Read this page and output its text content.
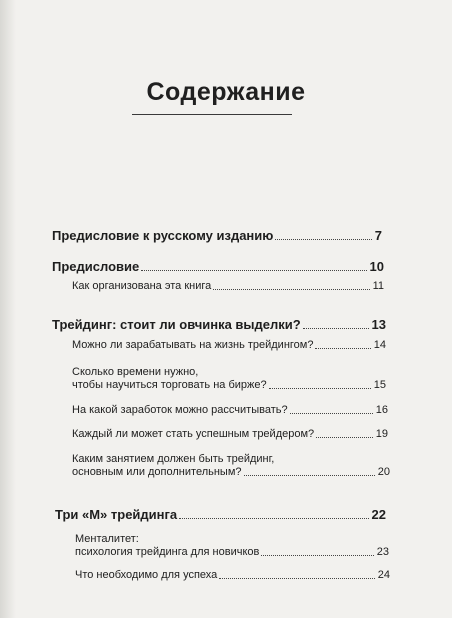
Содержание
Предисловие к русскому изданию	7
Предисловие	10
Как организована эта книга	11
Трейдинг: стоит ли овчинка выделки?	13
Можно ли зарабатывать на жизнь трейдингом?	14
Сколько времени нужно,
чтобы научиться торговать на бирже?	15
На какой заработок можно рассчитывать?	16
Каждый ли может стать успешным трейдером?	19
Каким занятием должен быть трейдинг,
основным или дополнительным?	20
Три «М» трейдинга	22
Менталитет:
психология трейдинга для новичков	23
Что необходимо для успеха	24
